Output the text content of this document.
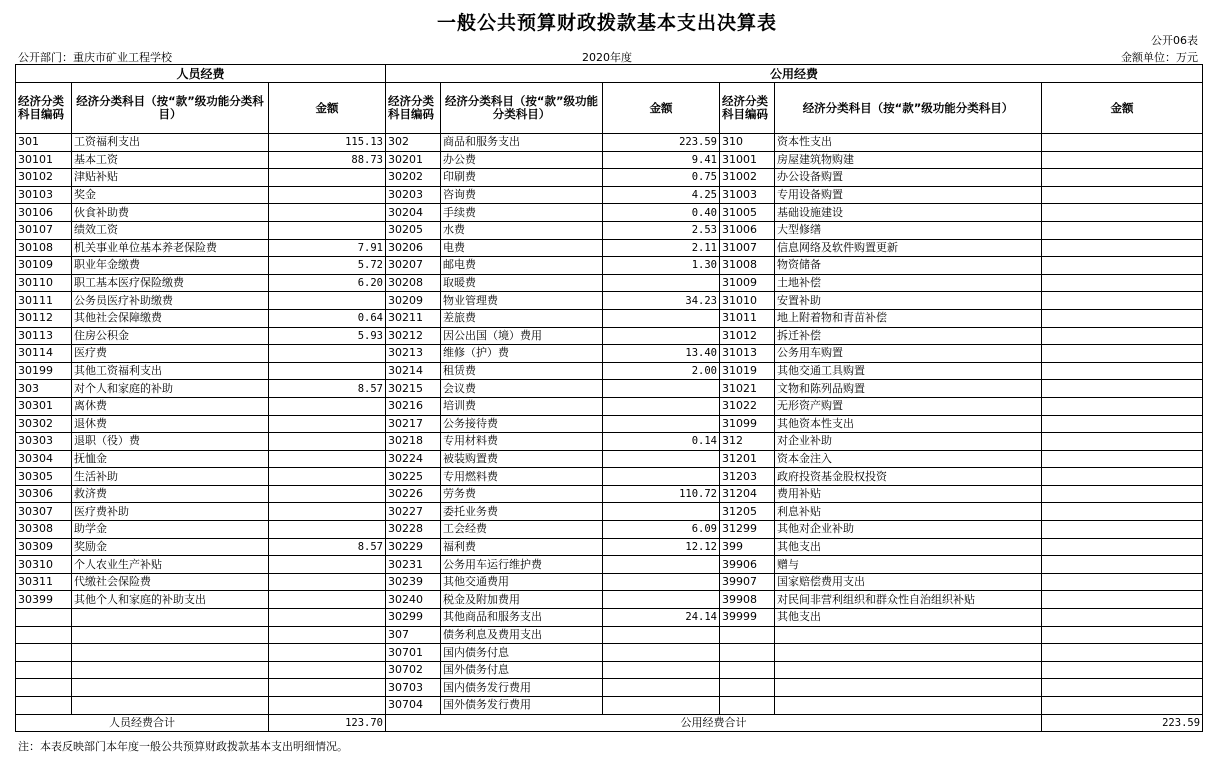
一般公共预算财政拨款基本支出决算表
公开06表
公开部门：重庆市矿业工程学校	2020年度	金额单位：万元
人员经费			公用经费					
经济分类科目编码	经济分类科目（按“款”级功能分类科目）	金额	经济分类科目编码	经济分类科目（按“款”级功能分类科目）	金额	经济分类科目编码	经济分类科目（按“款”级功能分类科目）	金额
301	工资福利支出	115.13	302	商品和服务支出	223.59	310	资本性支出	
30101	基本工资	88.73	30201	办公费	9.41	31001	房屋建筑物购建	
30102	津贴补贴		30202	印刷费	0.75	31002	办公设备购置	
30103	奖金		30203	咨询费	4.25	31003	专用设备购置	
30106	伙食补助费		30204	手续费	0.40	31005	基础设施建设	
30107	绩效工资		30205	水费	2.53	31006	大型修缮	
30108	机关事业单位基本养老保险费	7.91	30206	电费	2.11	31007	信息网络及软件购置更新	
30109	职业年金缴费	5.72	30207	邮电费	1.30	31008	物资储备	
30110	职工基本医疗保险缴费	6.20	30208	取暖费		31009	土地补偿	
30111	公务员医疗补助缴费		30209	物业管理费	34.23	31010	安置补助	
30112	其他社会保障缴费	0.64	30211	差旅费		31011	地上附着物和青苗补偿	
30113	住房公积金	5.93	30212	因公出国（境）费用		31012	拆迁补偿	
30114	医疗费		30213	维修（护）费	13.40	31013	公务用车购置	
30199	其他工资福利支出		30214	租赁费	2.00	31019	其他交通工具购置	
303	对个人和家庭的补助	8.57	30215	会议费		31021	文物和陈列品购置	
30301	离休费		30216	培训费		31022	无形资产购置	
30302	退休费		30217	公务接待费		31099	其他资本性支出	
30303	退职（役）费		30218	专用材料费	0.14	312	对企业补助	
30304	抚恤金		30224	被装购置费		31201	资本金注入	
30305	生活补助		30225	专用燃料费		31203	政府投资基金股权投资	
30306	救济费		30226	劳务费	110.72	31204	费用补贴	
30307	医疗费补助		30227	委托业务费		31205	利息补贴	
30308	助学金		30228	工会经费	6.09	31299	其他对企业补助	
30309	奖励金	8.57	30229	福利费	12.12	399	其他支出	
30310	个人农业生产补贴		30231	公务用车运行维护费		39906	赠与	
30311	代缴社会保险费		30239	其他交通费用		39907	国家赔偿费用支出	
30399	其他个人和家庭的补助支出		30240	税金及附加费用		39908	对民间非营利组织和群众性自治组织补贴	
			30299	其他商品和服务支出	24.14	39999	其他支出	
			307	债务利息及费用支出				
			30701	国内债务付息				
			30702	国外债务付息				
			30703	国内债务发行费用				
			30704	国外债务发行费用				
人员经费合计		123.70	公用经费合计					223.59
注：本表反映部门本年度一般公共预算财政拨款基本支出明细情况。
